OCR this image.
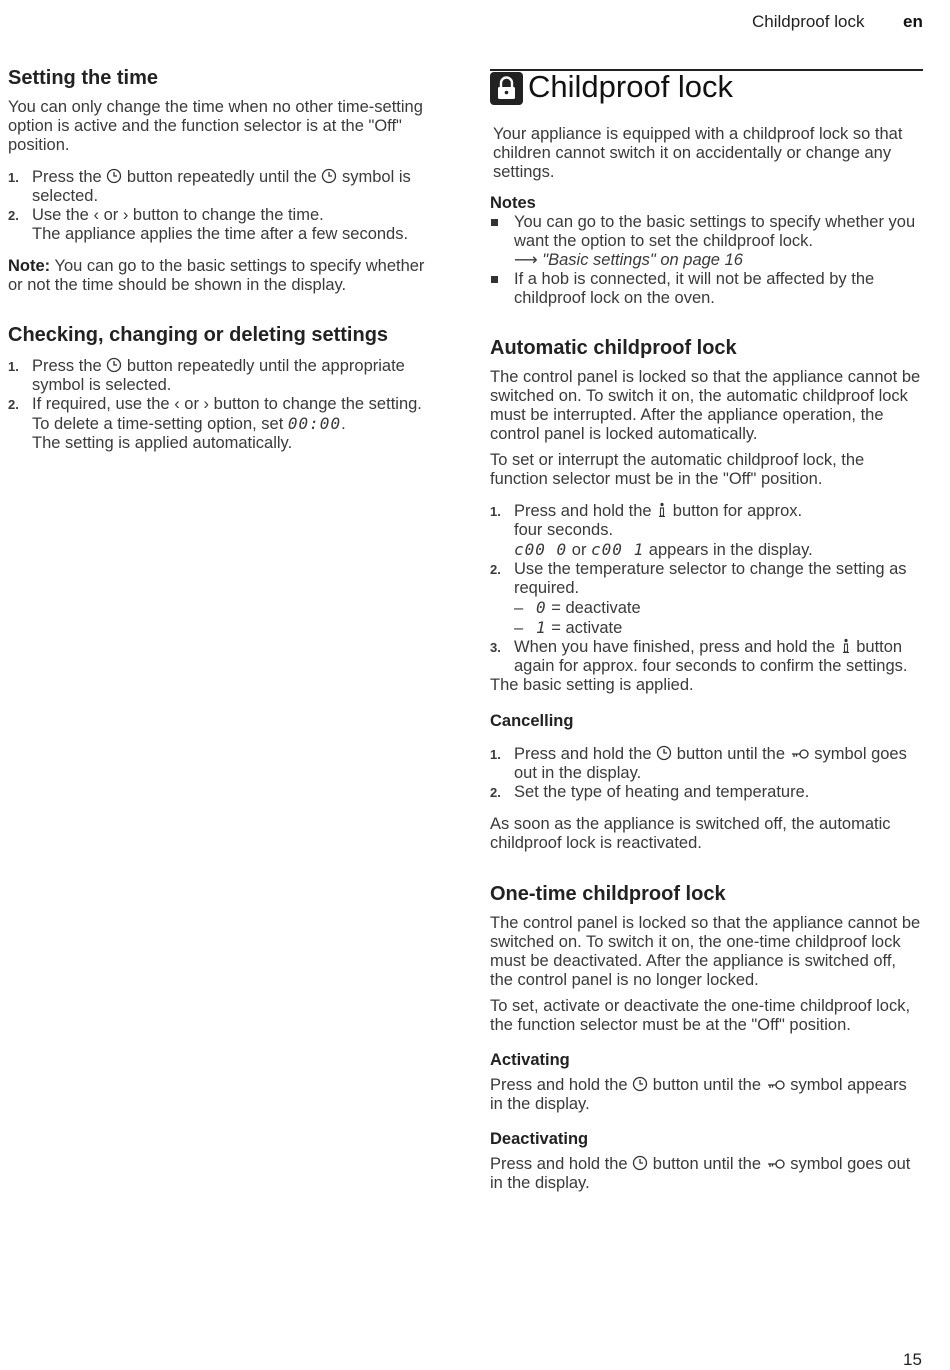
Childproof lock en
Setting the time

You can only change the time when no other time-setting option is active and the function selector is at the "Off" position.

1. Press the button repeatedly until the symbol is selected.
2. Use the ‹ or › button to change the time.
The appliance applies the time after a few seconds.

Note: You can go to the basic settings to specify whether or not the time should be shown in the display.

Checking, changing or deleting settings
1. Press the button repeatedly until the appropriate symbol is selected.
2. If required, use the ‹ or › button to change the setting. To delete a time-setting option, set 00:00.
The setting is applied automatically.
Childproof lock

Your appliance is equipped with a childproof lock so that children cannot switch it on accidentally or change any settings.

Notes
You can go to the basic settings to specify whether you want the option to set the childproof lock.
⟶ "Basic settings" on page 16
If a hob is connected, it will not be affected by the childproof lock on the oven.
Automatic childproof lock

The control panel is locked so that the appliance cannot be switched on. To switch it on, the automatic childproof lock must be interrupted. After the appliance operation, the control panel is locked automatically.

To set or interrupt the automatic childproof lock, the function selector must be in the "Off" position.

1. Press and hold the button for approx.
four seconds.
c00 0 or c00 1 appears in the display.
2. Use the temperature selector to change the setting as required.
– 0 = deactivate
– 1 = activate
3. When you have finished, press and hold the button again for approx. four seconds to confirm the settings.

The basic setting is applied.

Cancelling
1. Press and hold the button until the symbol goes out in the display.
2. Set the type of heating and temperature.

As soon as the appliance is switched off, the automatic childproof lock is reactivated.

One-time childproof lock

The control panel is locked so that the appliance cannot be switched on. To switch it on, the one-time childproof lock must be deactivated. After the appliance is switched off, the control panel is no longer locked.

To set, activate or deactivate the one-time childproof lock, the function selector must be at the "Off" position.

Activating

Press and hold the button until the symbol appears in the display.

Deactivating

Press and hold the button until the symbol goes out in the display.

15
